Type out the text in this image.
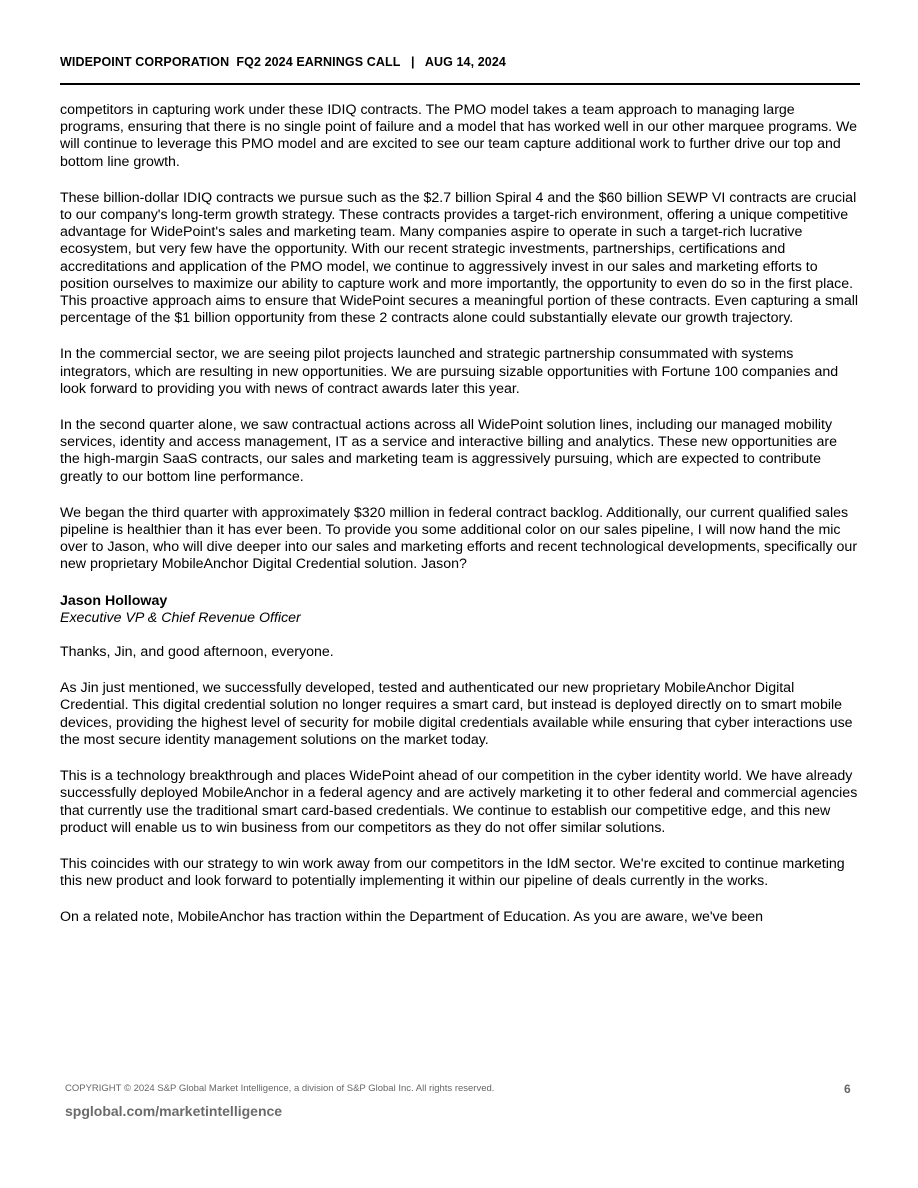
WIDEPOINT CORPORATION FQ2 2024 EARNINGS CALL | AUG 14, 2024

competitors in capturing work under these IDIQ contracts. The PMO model takes a team approach to managing large programs, ensuring that there is no single point of failure and a model that has worked well in our other marquee programs. We will continue to leverage this PMO model and are excited to see our team capture additional work to further drive our top and bottom line growth.

These billion-dollar IDIQ contracts we pursue such as the $2.7 billion Spiral 4 and the $60 billion SEWP VI contracts are crucial to our company's long-term growth strategy. These contracts provides a target-rich environment, offering a unique competitive advantage for WidePoint's sales and marketing team. Many companies aspire to operate in such a target-rich lucrative ecosystem, but very few have the opportunity. With our recent strategic investments, partnerships, certifications and accreditations and application of the PMO model, we continue to aggressively invest in our sales and marketing efforts to position ourselves to maximize our ability to capture work and more importantly, the opportunity to even do so in the first place. This proactive approach aims to ensure that WidePoint secures a meaningful portion of these contracts. Even capturing a small percentage of the $1 billion opportunity from these 2 contracts alone could substantially elevate our growth trajectory.

In the commercial sector, we are seeing pilot projects launched and strategic partnership consummated with systems integrators, which are resulting in new opportunities. We are pursuing sizable opportunities with Fortune 100 companies and look forward to providing you with news of contract awards later this year.

In the second quarter alone, we saw contractual actions across all WidePoint solution lines, including our managed mobility services, identity and access management, IT as a service and interactive billing and analytics. These new opportunities are the high-margin SaaS contracts, our sales and marketing team is aggressively pursuing, which are expected to contribute greatly to our bottom line performance.

We began the third quarter with approximately $320 million in federal contract backlog. Additionally, our current qualified sales pipeline is healthier than it has ever been. To provide you some additional color on our sales pipeline, I will now hand the mic over to Jason, who will dive deeper into our sales and marketing efforts and recent technological developments, specifically our new proprietary MobileAnchor Digital Credential solution. Jason?

Jason Holloway
Executive VP & Chief Revenue Officer

Thanks, Jin, and good afternoon, everyone.

As Jin just mentioned, we successfully developed, tested and authenticated our new proprietary MobileAnchor Digital Credential. This digital credential solution no longer requires a smart card, but instead is deployed directly on to smart mobile devices, providing the highest level of security for mobile digital credentials available while ensuring that cyber interactions use the most secure identity management solutions on the market today.

This is a technology breakthrough and places WidePoint ahead of our competition in the cyber identity world. We have already successfully deployed MobileAnchor in a federal agency and are actively marketing it to other federal and commercial agencies that currently use the traditional smart card-based credentials. We continue to establish our competitive edge, and this new product will enable us to win business from our competitors as they do not offer similar solutions.

This coincides with our strategy to win work away from our competitors in the IdM sector. We're excited to continue marketing this new product and look forward to potentially implementing it within our pipeline of deals currently in the works.

On a related note, MobileAnchor has traction within the Department of Education. As you are aware, we've been

COPYRIGHT © 2024 S&P Global Market Intelligence, a division of S&P Global Inc. All rights reserved.	6
spglobal.com/marketintelligence
